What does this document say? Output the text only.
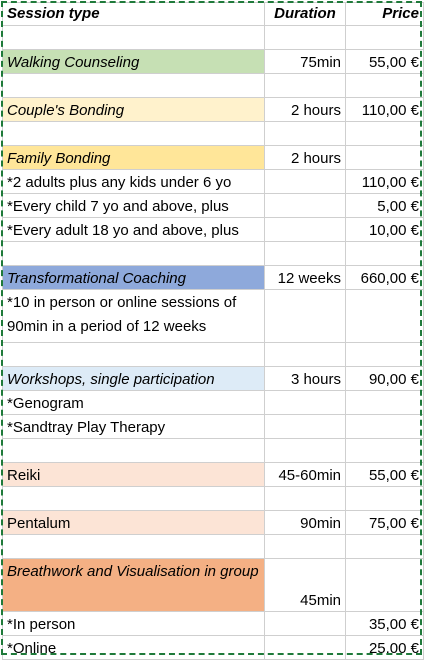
Session type	Duration	Price

Walking Counseling	75min	55,00 €

Couple's Bonding	2 hours	110,00 €

Family Bonding	2 hours	
*2 adults plus any kids under 6 yo		110,00 €
*Every child 7 yo and above, plus		5,00 €
*Every adult 18 yo and above, plus		10,00 €

Transformational Coaching	12 weeks	660,00 €
*10 in person or online sessions of 90min in a period of 12 weeks		

Workshops, single participation	3 hours	90,00 €
*Genogram		
*Sandtray Play Therapy		

Reiki	45-60min	55,00 €

Pentalum	90min	75,00 €

Breathwork and Visualisation in group	45min	
*In person		35,00 €
*Online		25,00 €
